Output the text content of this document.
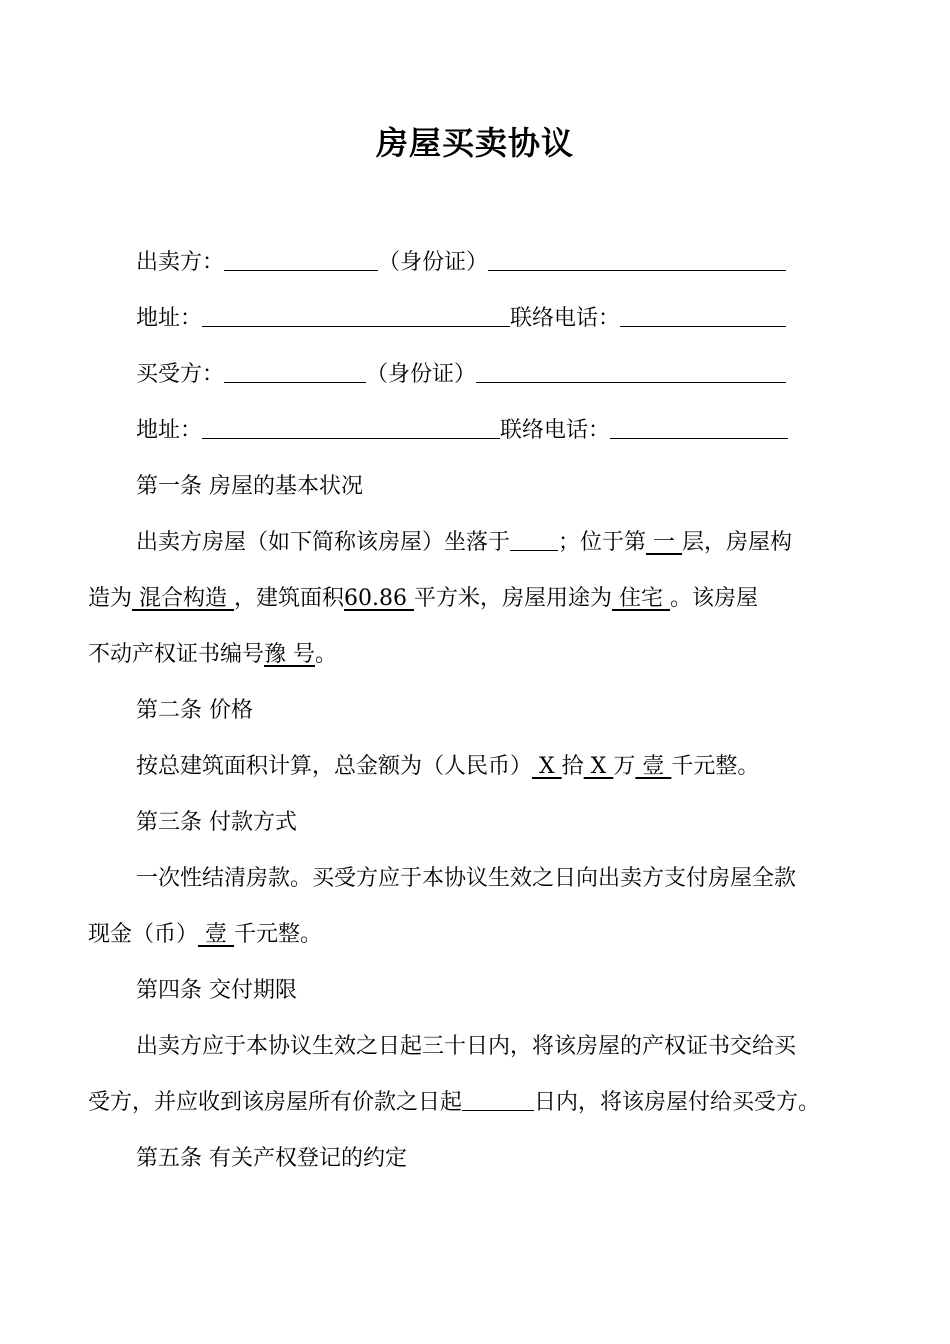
房屋买卖协议
出卖方：	（身份证）
地址：	联络电话：
买受方：	（身份证）
地址：	联络电话：
第一条 房屋的基本状况
出卖方房屋（如下简称该房屋）坐落于 ；位于第 一 层，房屋构
造为 混合构造 ，建筑面积60.86 平方米，房屋用途为 住宅 。该房屋
不动产权证书编号豫 号。
第二条 价格
按总建筑面积计算，总金额为（人民币） X 拾 X 万 壹 千元整。
第三条 付款方式
一次性结清房款。买受方应于本协议生效之日向出卖方支付房屋全款
现金（币） 壹 千元整。
第四条 交付期限
出卖方应于本协议生效之日起三十日内，将该房屋的产权证书交给买
受方，并应收到该房屋所有价款之日起	日内，将该房屋付给买受方。
第五条 有关产权登记的约定
